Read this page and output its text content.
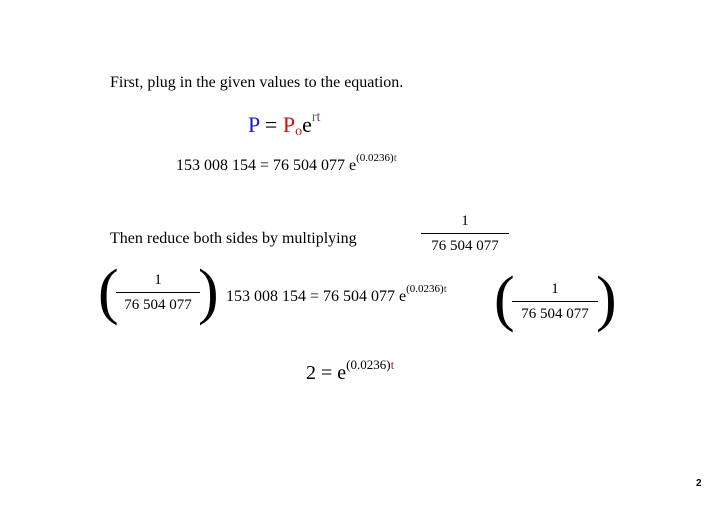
First, plug in the given values to the equation.
P = Poe$^{rt}$
153 008 154 = 76 504 077 $e^{(0.0236)t}$
Then reduce both sides by multiplying
1
76 504 077
(	1
76 504 077 ) 153 008 154 = 76 504 077 $e^{(0.0236)t}$ (	1
76 504 077 )
$2 = e^{(0.0236)t}$
2
